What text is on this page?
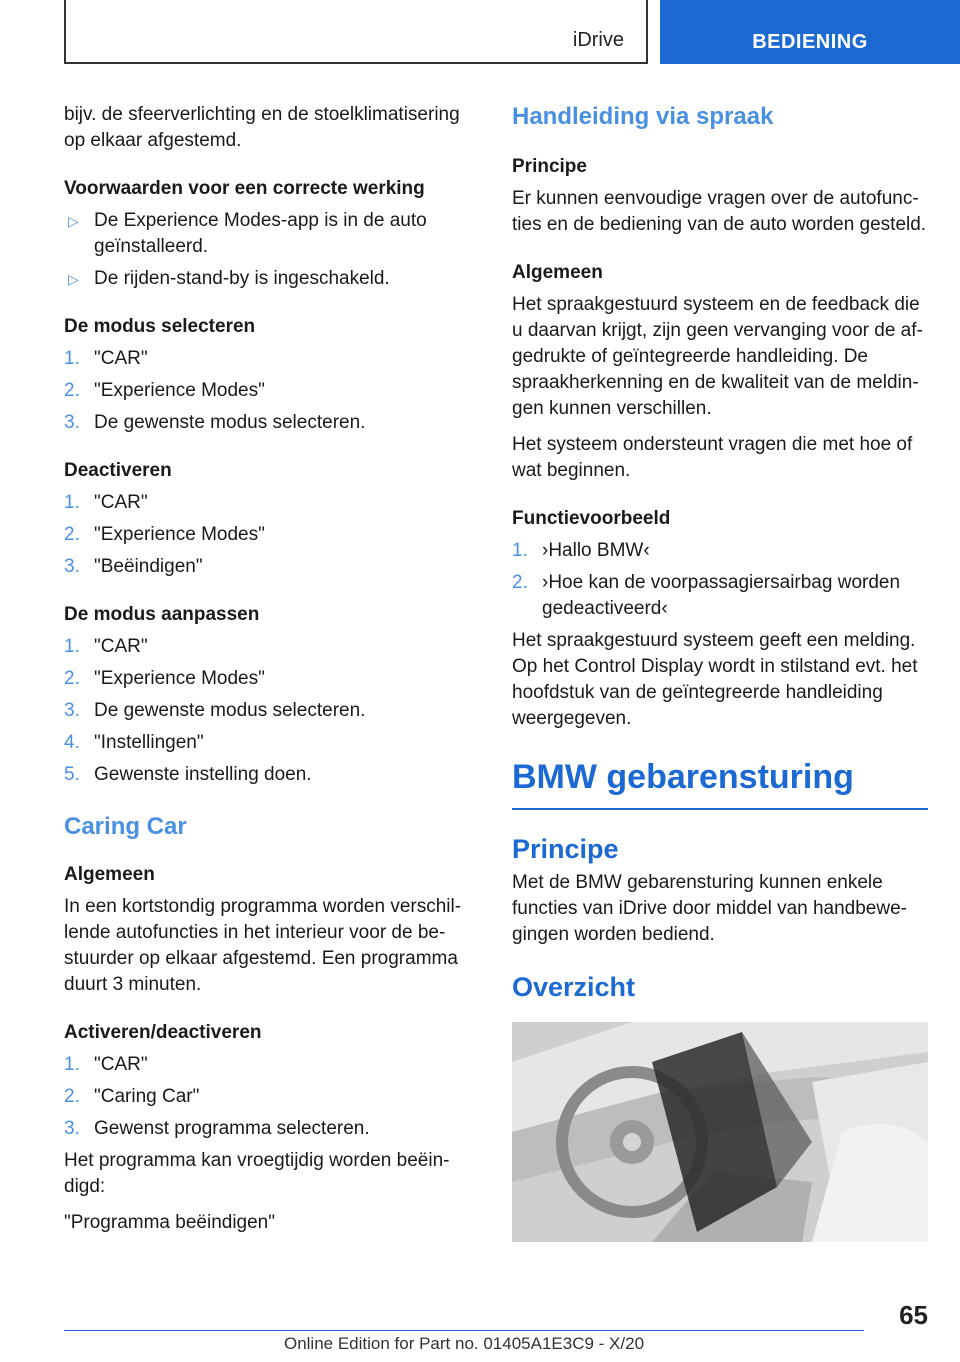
iDrive	BEDIENING

bijv. de sfeerverlichting en de stoelklimatisering op elkaar afgestemd.

Voorwaarden voor een correcte werking
▷ De Experience Modes-app is in de auto geïnstalleerd.
▷ De rijden-stand-by is ingeschakeld.
De modus selecteren
1. "CAR"
2. "Experience Modes"
3. De gewenste modus selecteren.
Deactiveren
1. "CAR"
2. "Experience Modes"
3. "Beëindigen"
De modus aanpassen
1. "CAR"
2. "Experience Modes"
3. De gewenste modus selecteren.
4. "Instellingen"
5. Gewenste instelling doen.
Caring Car
Algemeen

In een kortstondig programma worden verschillende autofuncties in het interieur voor de bestuurder op elkaar afgestemd. Een programma duurt 3 minuten.

Activeren/deactiveren
1. "CAR"
2. "Caring Car"
3. Gewenst programma selecteren.

Het programma kan vroegtijdig worden beëindigd:

"Programma beëindigen"

Handleiding via spraak
Principe

Er kunnen eenvoudige vragen over de autofuncties en de bediening van de auto worden gesteld.

Algemeen

Het spraakgestuurd systeem en de feedback die u daarvan krijgt, zijn geen vervanging voor de afgedrukte of geïntegreerde handleiding. De spraakherkenning en de kwaliteit van de meldingen kunnen verschillen.

Het systeem ondersteunt vragen die met hoe of wat beginnen.

Functievoorbeeld
1. ›Hallo BMW‹
2. ›Hoe kan de voorpassagiersairbag worden gedeactiveerd‹

Het spraakgestuurd systeem geeft een melding. Op het Control Display wordt in stilstand evt. het hoofdstuk van de geïntegreerde handleiding weergegeven.

BMW gebarensturing
Principe

Met de BMW gebarensturing kunnen enkele functies van iDrive door middel van handbewegingen worden bediend.

Overzicht
65
Online Edition for Part no. 01405A1E3C9 - X/20
